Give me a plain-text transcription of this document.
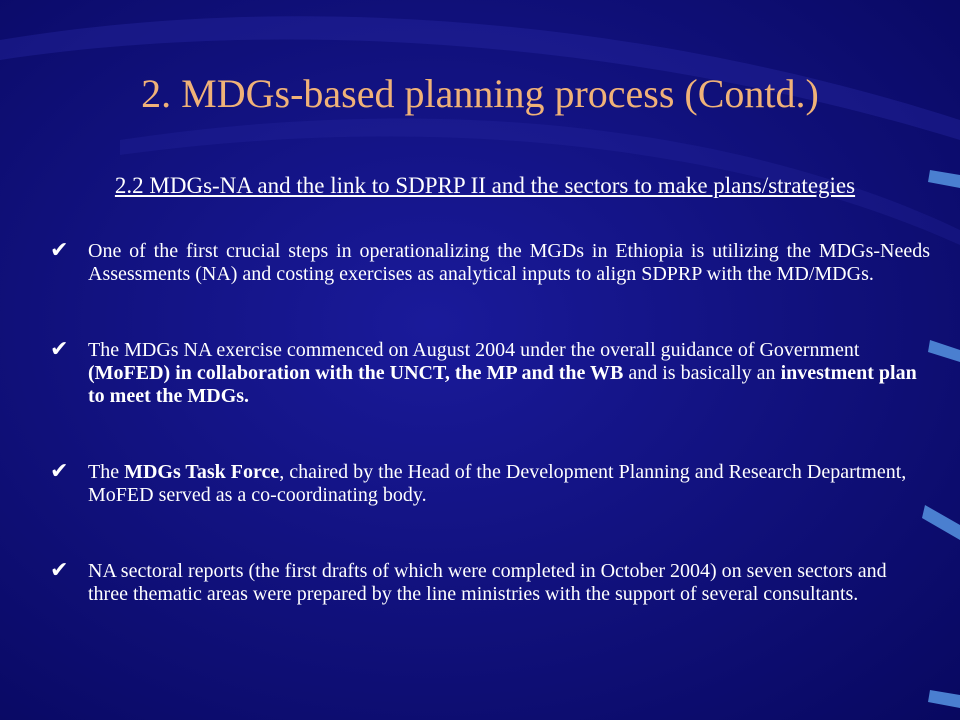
2. MDGs-based planning process (Contd.)
2.2 MDGs-NA and the link to SDPRP II and the sectors to make plans/strategies
✔ One of the first crucial steps in operationalizing the MGDs in Ethiopia is utilizing the MDGs-Needs Assessments (NA) and costing exercises as analytical inputs to align SDPRP with the MD/MDGs.
✔ The MDGs NA exercise commenced on August 2004 under the overall guidance of Government (MoFED) in collaboration with the UNCT, the MP and the WB and is basically an investment plan to meet the MDGs.
✔ The MDGs Task Force, chaired by the Head of the Development Planning and Research Department, MoFED served as a co-coordinating body.
✔ NA sectoral reports (the first drafts of which were completed in October 2004) on seven sectors and three thematic areas were prepared by the line ministries with the support of several consultants.
